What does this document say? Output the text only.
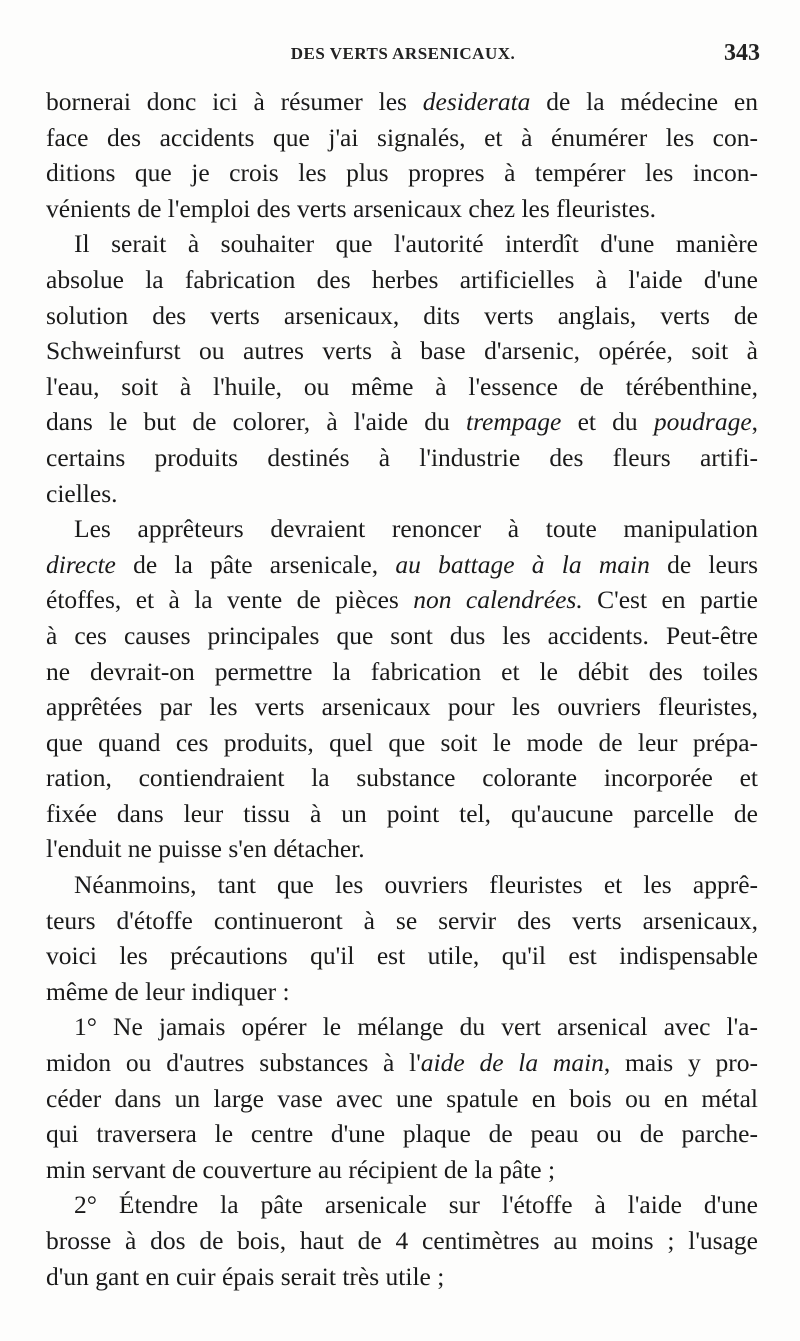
DES VERTS ARSENICAUX.	343
bornerai donc ici à résumer les desiderata de la médecine en
face des accidents que j'ai signalés, et à énumérer les con-
ditions que je crois les plus propres à tempérer les incon-
vénients de l'emploi des verts arsenicaux chez les fleuristes.
Il serait à souhaiter que l'autorité interdît d'une manière
absolue la fabrication des herbes artificielles à l'aide d'une
solution des verts arsenicaux, dits verts anglais, verts de
Schweinfurst ou autres verts à base d'arsenic, opérée, soit à
l'eau, soit à l'huile, ou même à l'essence de térébenthine,
dans le but de colorer, à l'aide du trempage et du poudrage,
certains produits destinés à l'industrie des fleurs artifi-
cielles.
Les apprêteurs devraient renoncer à toute manipulation
directe de la pâte arsenicale, au battage à la main de leurs
étoffes, et à la vente de pièces non calendrées. C'est en partie
à ces causes principales que sont dus les accidents. Peut-être
ne devrait-on permettre la fabrication et le débit des toiles
apprêtées par les verts arsenicaux pour les ouvriers fleuristes,
que quand ces produits, quel que soit le mode de leur prépa-
ration, contiendraient la substance colorante incorporée et
fixée dans leur tissu à un point tel, qu'aucune parcelle de
l'enduit ne puisse s'en détacher.
Néanmoins, tant que les ouvriers fleuristes et les apprê-
teurs d'étoffe continueront à se servir des verts arsenicaux,
voici les précautions qu'il est utile, qu'il est indispensable
même de leur indiquer :
1° Ne jamais opérer le mélange du vert arsenical avec l'a-
midon ou d'autres substances à l'aide de la main, mais y pro-
céder dans un large vase avec une spatule en bois ou en métal
qui traversera le centre d'une plaque de peau ou de parche-
min servant de couverture au récipient de la pâte ;
2° Étendre la pâte arsenicale sur l'étoffe à l'aide d'une
brosse à dos de bois, haut de 4 centimètres au moins ; l'usage
d'un gant en cuir épais serait très utile ;
